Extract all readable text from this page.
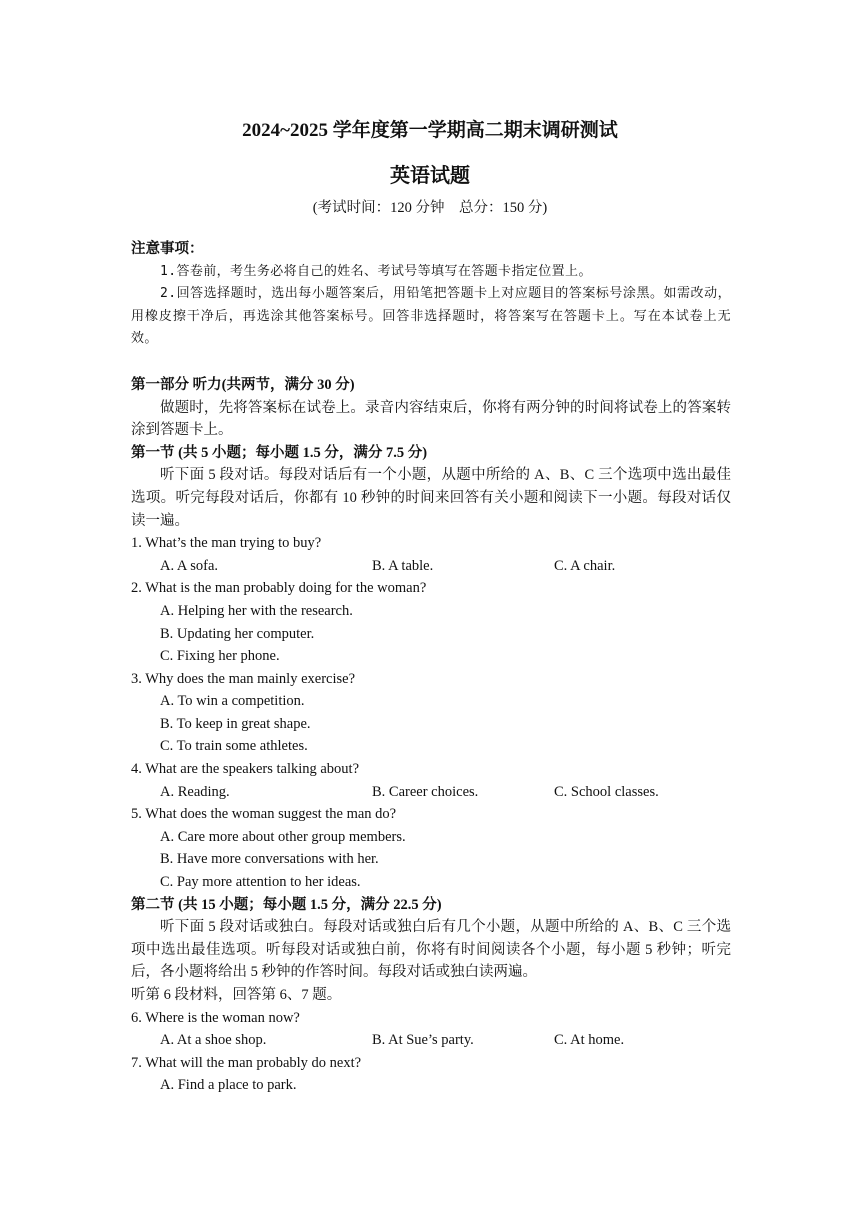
2024~2025 学年度第一学期高二期末调研测试
英语试题
(考试时间：120 分钟　总分：150 分)
注意事项：
1.答卷前，考生务必将自己的姓名、考试号等填写在答题卡指定位置上。
2.回答选择题时，选出每小题答案后，用铅笔把答题卡上对应题目的答案标号涂黑。如需改动，用橡皮擦干净后，再选涂其他答案标号。回答非选择题时，将答案写在答题卡上。写在本试卷上无效。
第一部分 听力(共两节，满分 30 分)
做题时，先将答案标在试卷上。录音内容结束后，你将有两分钟的时间将试卷上的答案转涂到答题卡上。
第一节 (共 5 小题；每小题 1.5 分，满分 7.5 分)
听下面 5 段对话。每段对话后有一个小题，从题中所给的 A、B、C 三个选项中选出最佳选项。听完每段对话后，你都有 10 秒钟的时间来回答有关小题和阅读下一小题。每段对话仅读一遍。
1. What’s the man trying to buy?
A. A sofa.	B. A table.	C. A chair.
2. What is the man probably doing for the woman?
A. Helping her with the research.
B. Updating her computer.
C. Fixing her phone.
3. Why does the man mainly exercise?
A. To win a competition.
B. To keep in great shape.
C. To train some athletes.
4. What are the speakers talking about?
A. Reading.	B. Career choices.	C. School classes.
5. What does the woman suggest the man do?
A. Care more about other group members.
B. Have more conversations with her.
C. Pay more attention to her ideas.
第二节 (共 15 小题；每小题 1.5 分，满分 22.5 分)
听下面 5 段对话或独白。每段对话或独白后有几个小题，从题中所给的 A、B、C 三个选项中选出最佳选项。听每段对话或独白前，你将有时间阅读各个小题，每小题 5 秒钟；听完后，各小题将给出 5 秒钟的作答时间。每段对话或独白读两遍。
听第 6 段材料，回答第 6、7 题。
6. Where is the woman now?
A. At a shoe shop.	B. At Sue’s party.	C. At home.
7. What will the man probably do next?
A. Find a place to park.
